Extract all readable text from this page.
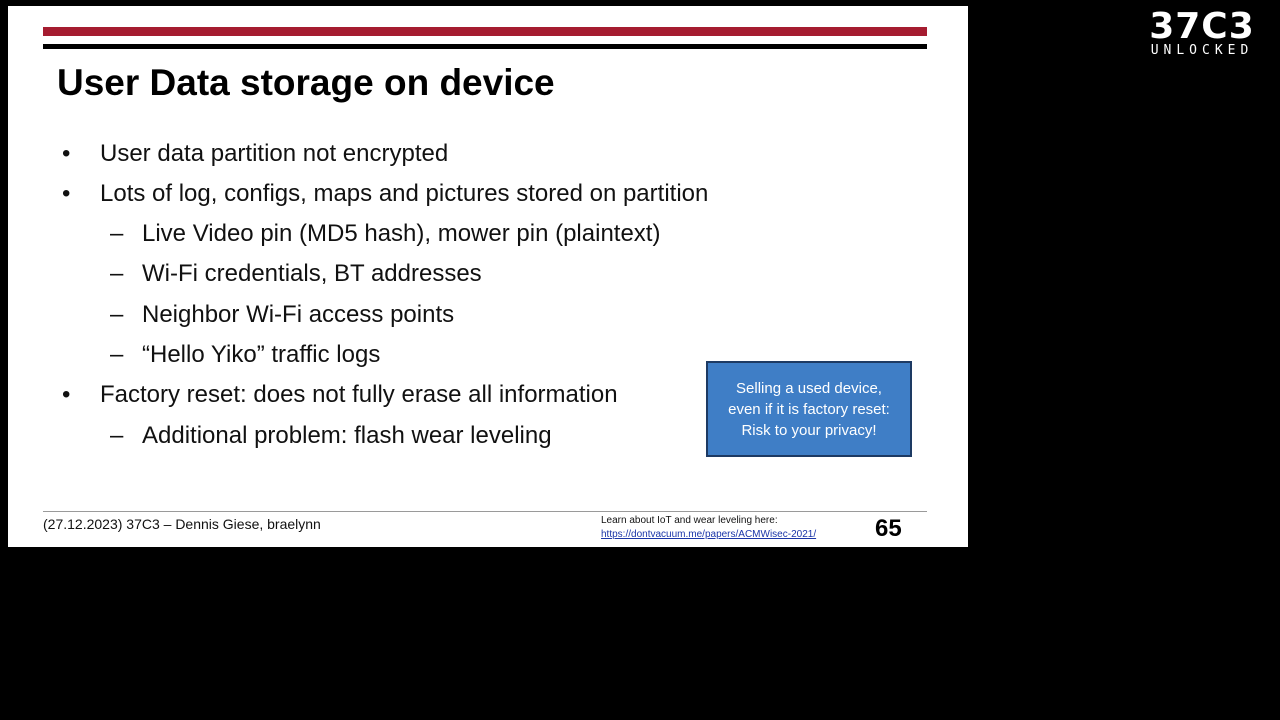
User Data storage on device
•	User data partition not encrypted
•	Lots of log, configs, maps and pictures stored on partition
– Live Video pin (MD5 hash), mower pin (plaintext)
– Wi-Fi credentials, BT addresses
– Neighbor Wi-Fi access points
– “Hello Yiko” traffic logs
•	Factory reset: does not fully erase all information
– Additional problem: flash wear leveling
Selling a used device,
even if it is factory reset:
Risk to your privacy!
(27.12.2023) 37C3 – Dennis Giese, braelynn	Learn about IoT and wear leveling here:
https://dontvacuum.me/papers/ACMWisec-2021/ 65
37C3
UNLOCKED
